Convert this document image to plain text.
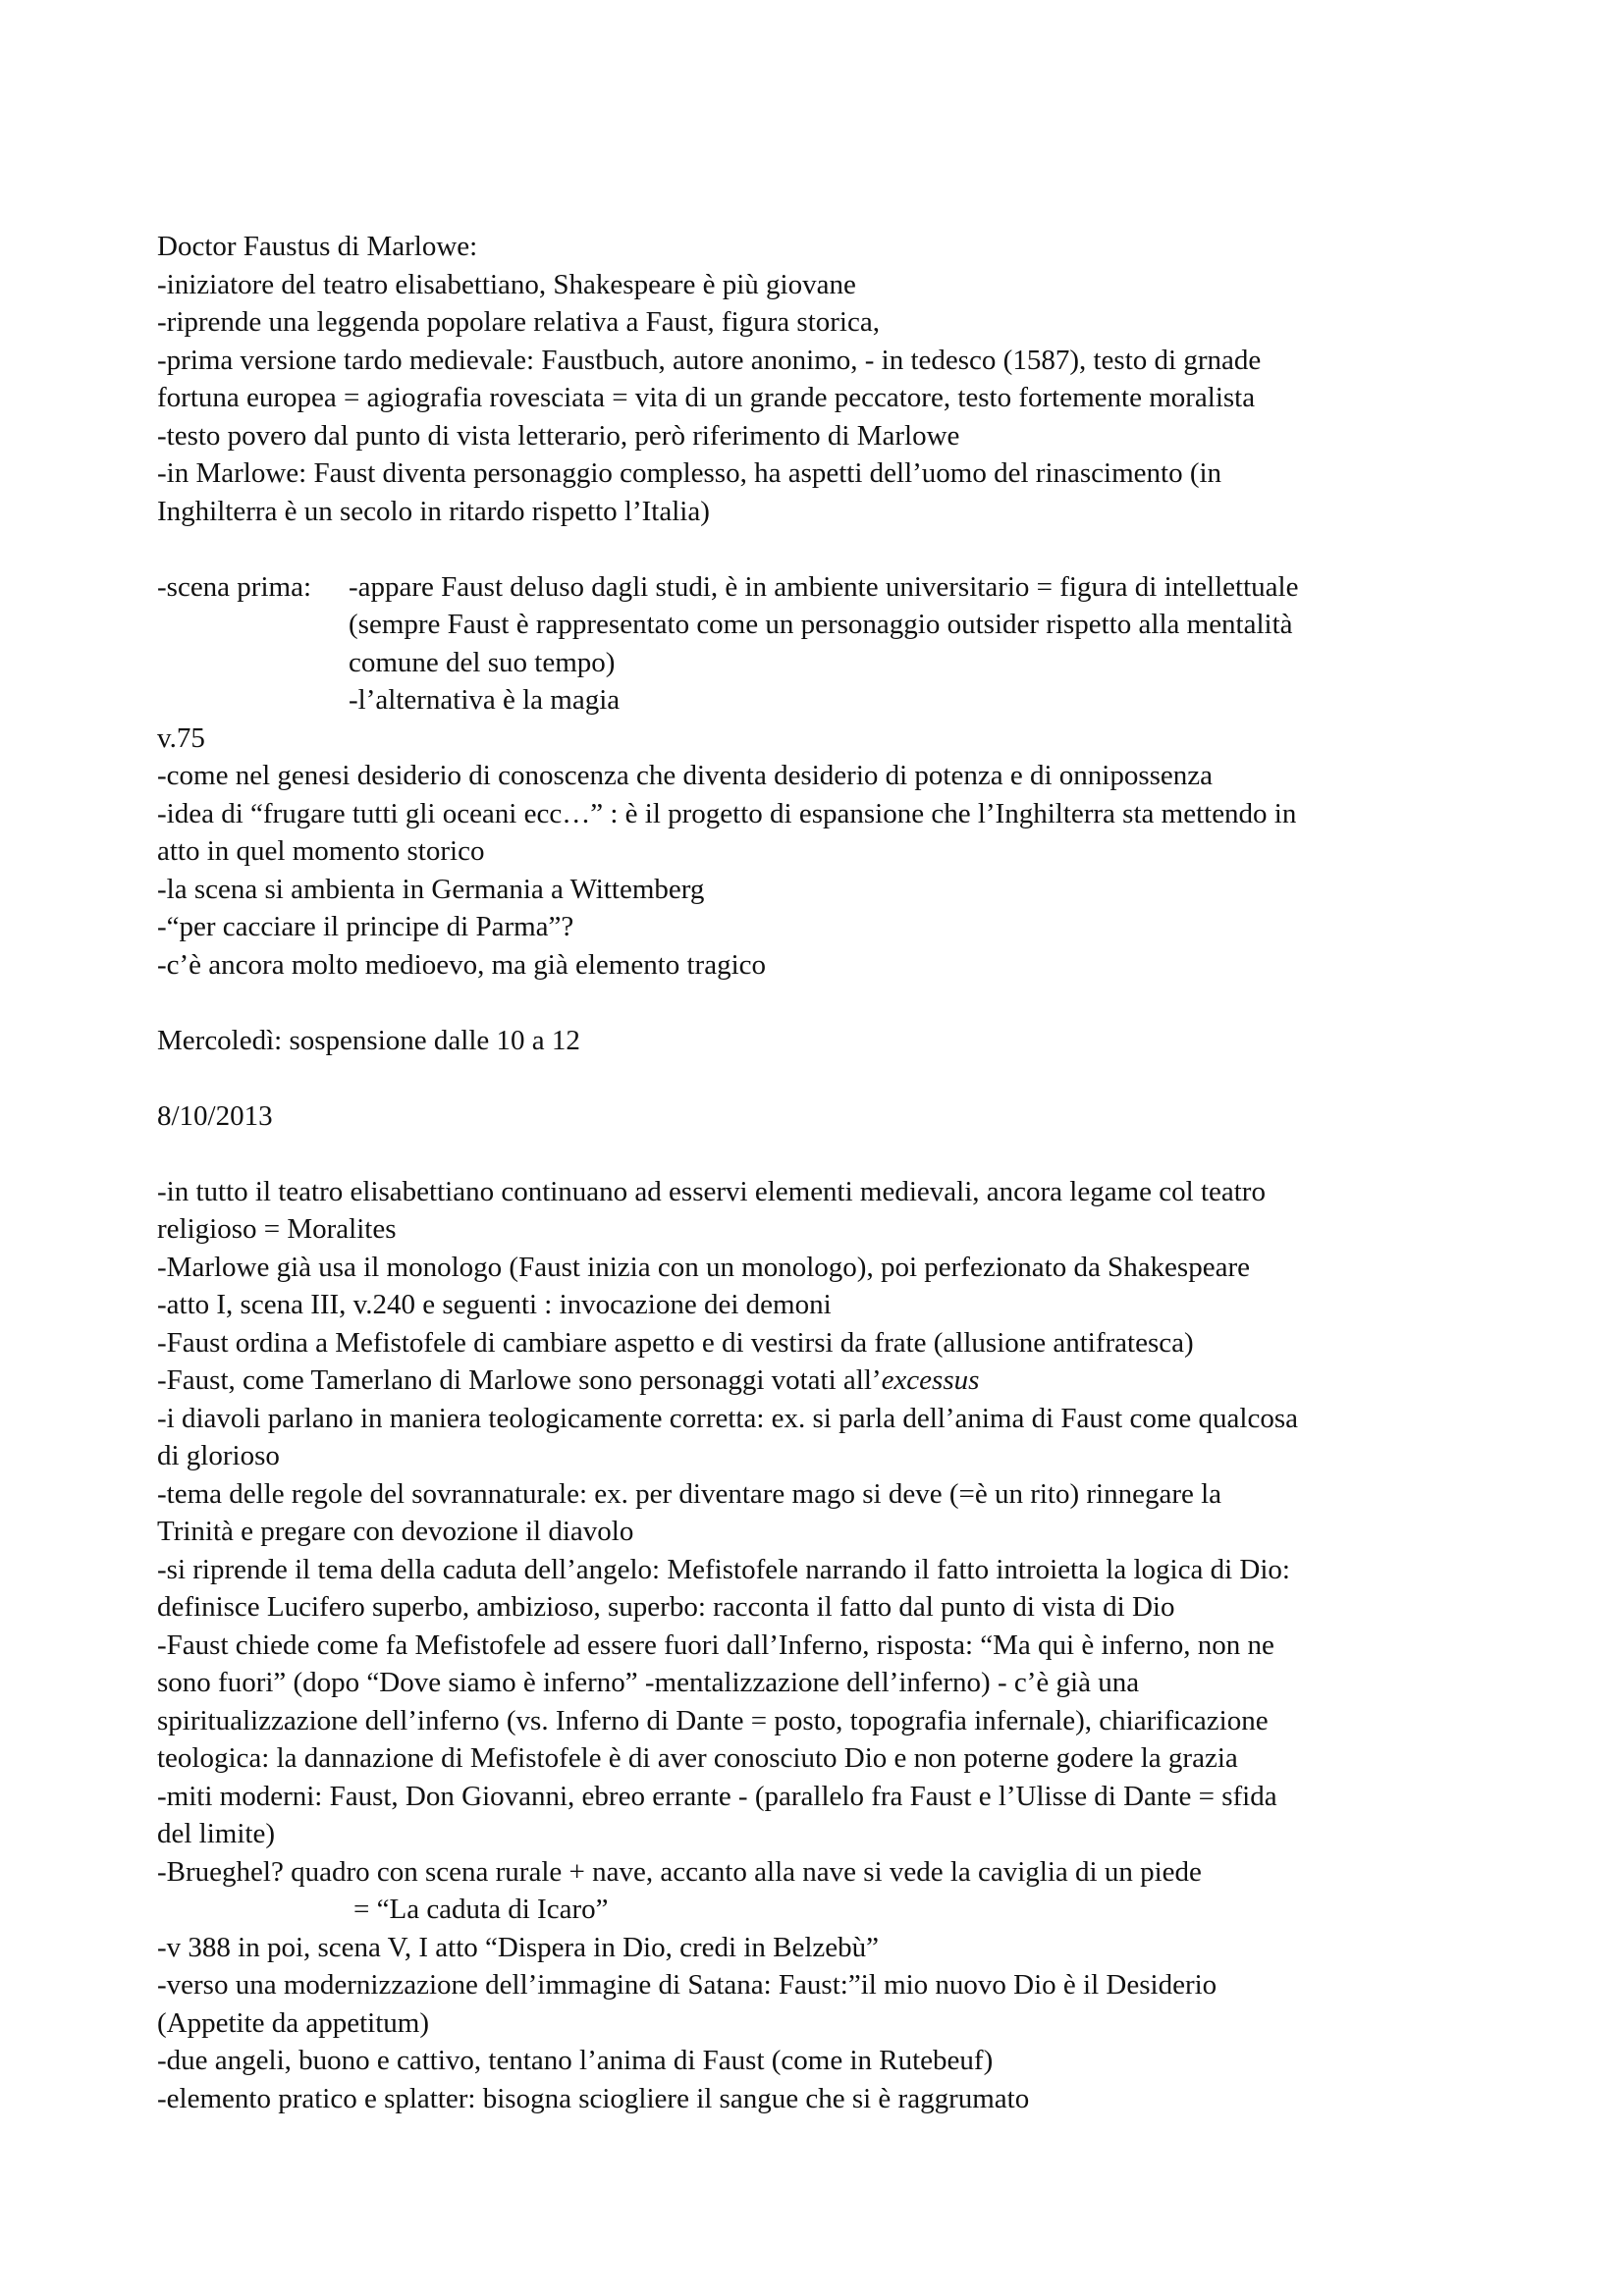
Doctor Faustus di Marlowe:

-iniziatore del teatro elisabettiano, Shakespeare è più giovane

-riprende una leggenda popolare relativa a Faust, figura storica,

-prima versione tardo medievale: Faustbuch, autore anonimo, - in tedesco (1587), testo di grnade

fortuna europea = agiografia rovesciata = vita di un grande peccatore, testo fortemente moralista

-testo povero dal punto di vista letterario, però riferimento di Marlowe

-in Marlowe: Faust diventa personaggio complesso, ha aspetti dell’uomo del rinascimento (in

Inghilterra è un secolo in ritardo rispetto l’Italia)

-scena prima: -appare Faust deluso dagli studi, è in ambiente universitario = figura di intellettuale

(sempre Faust è rappresentato come un personaggio outsider rispetto alla mentalità

comune del suo tempo)

-l’alternativa è la magia

v.75

-come nel genesi desiderio di conoscenza che diventa desiderio di potenza e di onnipossenza

-idea di “frugare tutti gli oceani ecc…” : è il progetto di espansione che l’Inghilterra sta mettendo in

atto in quel momento storico

-la scena si ambienta in Germania a Wittemberg

-“per cacciare il principe di Parma”?

-c’è ancora molto medioevo, ma già elemento tragico

Mercoledì: sospensione dalle 10 a 12

8/10/2013

-in tutto il teatro elisabettiano continuano ad esservi elementi medievali, ancora legame col teatro

religioso = Moralites

-Marlowe già usa il monologo (Faust inizia con un monologo), poi perfezionato da Shakespeare

-atto I, scena III, v.240 e seguenti : invocazione dei demoni

-Faust ordina a Mefistofele di cambiare aspetto e di vestirsi da frate (allusione antifratesca)

-Faust, come Tamerlano di Marlowe sono personaggi votati all’excessus

-i diavoli parlano in maniera teologicamente corretta: ex. si parla dell’anima di Faust come qualcosa

di glorioso

-tema delle regole del sovrannaturale: ex. per diventare mago si deve (=è un rito) rinnegare la

Trinità e pregare con devozione il diavolo

-si riprende il tema della caduta dell’angelo: Mefistofele narrando il fatto introietta la logica di Dio:

definisce Lucifero superbo, ambizioso, superbo: racconta il fatto dal punto di vista di Dio

-Faust chiede come fa Mefistofele ad essere fuori dall’Inferno, risposta: “Ma qui è inferno, non ne

sono fuori” (dopo “Dove siamo è inferno” -mentalizzazione dell’inferno) - c’è già una

spiritualizzazione dell’inferno (vs. Inferno di Dante = posto, topografia infernale), chiarificazione

teologica: la dannazione di Mefistofele è di aver conosciuto Dio e non poterne godere la grazia

-miti moderni: Faust, Don Giovanni, ebreo errante - (parallelo fra Faust e l’Ulisse di Dante = sfida

del limite)

-Brueghel? quadro con scena rurale + nave, accanto alla nave si vede la caviglia di un piede

= “La caduta di Icaro”

-v 388 in poi, scena V, I atto “Dispera in Dio, credi in Belzebù”

-verso una modernizzazione dell’immagine di Satana: Faust:”il mio nuovo Dio è il Desiderio

(Appetite da appetitum)

-due angeli, buono e cattivo, tentano l’anima di Faust (come in Rutebeuf)

-elemento pratico e splatter: bisogna sciogliere il sangue che si è raggrumato
